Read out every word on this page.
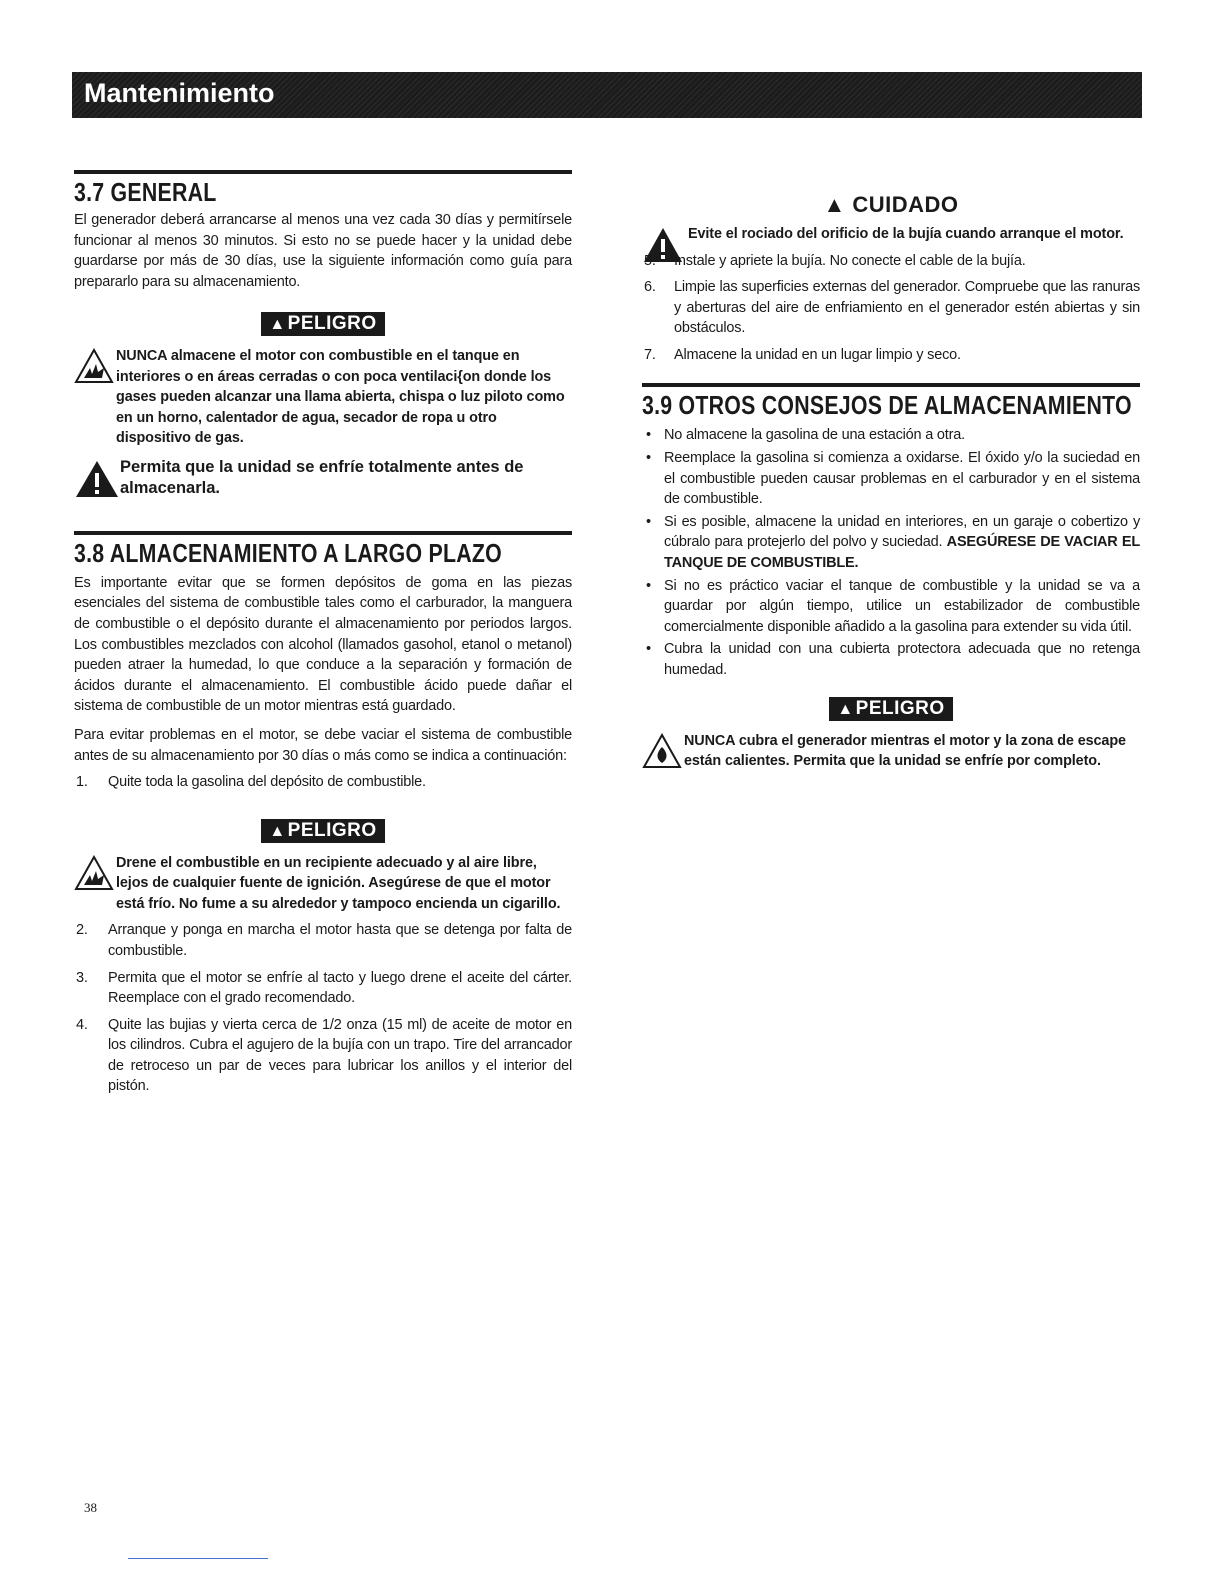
Mantenimiento
3.7 GENERAL

El generador deberá arrancarse al menos una vez cada 30 días y permitírsele funcionar al menos 30 minutos. Si esto no se puede hacer y la unidad debe guardarse por más de 30 días, use la siguiente información como guía para prepararlo para su almacenamiento.

▲ PELIGRO
NUNCA almacene el motor con combustible en el tanque en interiores o en áreas cerradas o con poca ventilaci{on donde los gases pueden alcanzar una llama abierta, chispa o luz piloto como en un horno, calentador de agua, secador de ropa u otro dispositivo de gas.
Permita que la unidad se enfríe totalmente antes de almacenarla.
3.8 ALMACENAMIENTO A LARGO PLAZO

Es importante evitar que se formen depósitos de goma en las piezas esenciales del sistema de combustible tales como el carburador, la manguera de combustible o el depósito durante el almacenamiento por periodos largos. Los combustibles mezclados con alcohol (llamados gasohol, etanol o metanol) pueden atraer la humedad, lo que conduce a la separación y formación de ácidos durante el almacenamiento. El combustible ácido puede dañar el sistema de combustible de un motor mientras está guardado.

Para evitar problemas en el motor, se debe vaciar el sistema de combustible antes de su almacenamiento por 30 días o más como se indica a continuación:

1. Quite toda la gasolina del depósito de combustible.
▲ PELIGRO
Drene el combustible en un recipiente adecuado y al aire libre, lejos de cualquier fuente de ignición. Asegúrese de que el motor está frío. No fume a su alrededor y tampoco encienda un cigarillo.
2. Arranque y ponga en marcha el motor hasta que se detenga por falta de combustible.
3. Permita que el motor se enfríe al tacto y luego drene el aceite del cárter. Reemplace con el grado recomendado.
4. Quite las bujias y vierta cerca de 1/2 onza (15 ml) de aceite de motor en los cilindros. Cubra el agujero de la bujía con un trapo. Tire del arrancador de retroceso un par de veces para lubricar los anillos y el interior del pistón.
▲ CUIDADO
Evite el rociado del orificio de la bujía cuando arranque el motor.
5. Instale y apriete la bujía. No conecte el cable de la bujía.
6. Limpie las superficies externas del generador. Compruebe que las ranuras y aberturas del aire de enfriamiento en el generador estén abiertas y sin obstáculos.
7. Almacene la unidad en un lugar limpio y seco.
3.9 OTROS CONSEJOS DE ALMACENAMIENTO
• No almacene la gasolina de una estación a otra.
• Reemplace la gasolina si comienza a oxidarse. El óxido y/o la suciedad en el combustible pueden causar problemas en el carburador y en el sistema de combustible.
• Si es posible, almacene la unidad en interiores, en un garaje o cobertizo y cúbralo para protejerlo del polvo y suciedad. ASEGÚRESE DE VACIAR EL TANQUE DE COMBUSTIBLE.
• Si no es práctico vaciar el tanque de combustible y la unidad se va a guardar por algún tiempo, utilice un estabilizador de combustible comercialmente disponible añadido a la gasolina para extender su vida útil.
• Cubra la unidad con una cubierta protectora adecuada que no retenga humedad.
▲ PELIGRO
NUNCA cubra el generador mientras el motor y la zona de escape están calientes. Permita que la unidad se enfríe por completo.
38
